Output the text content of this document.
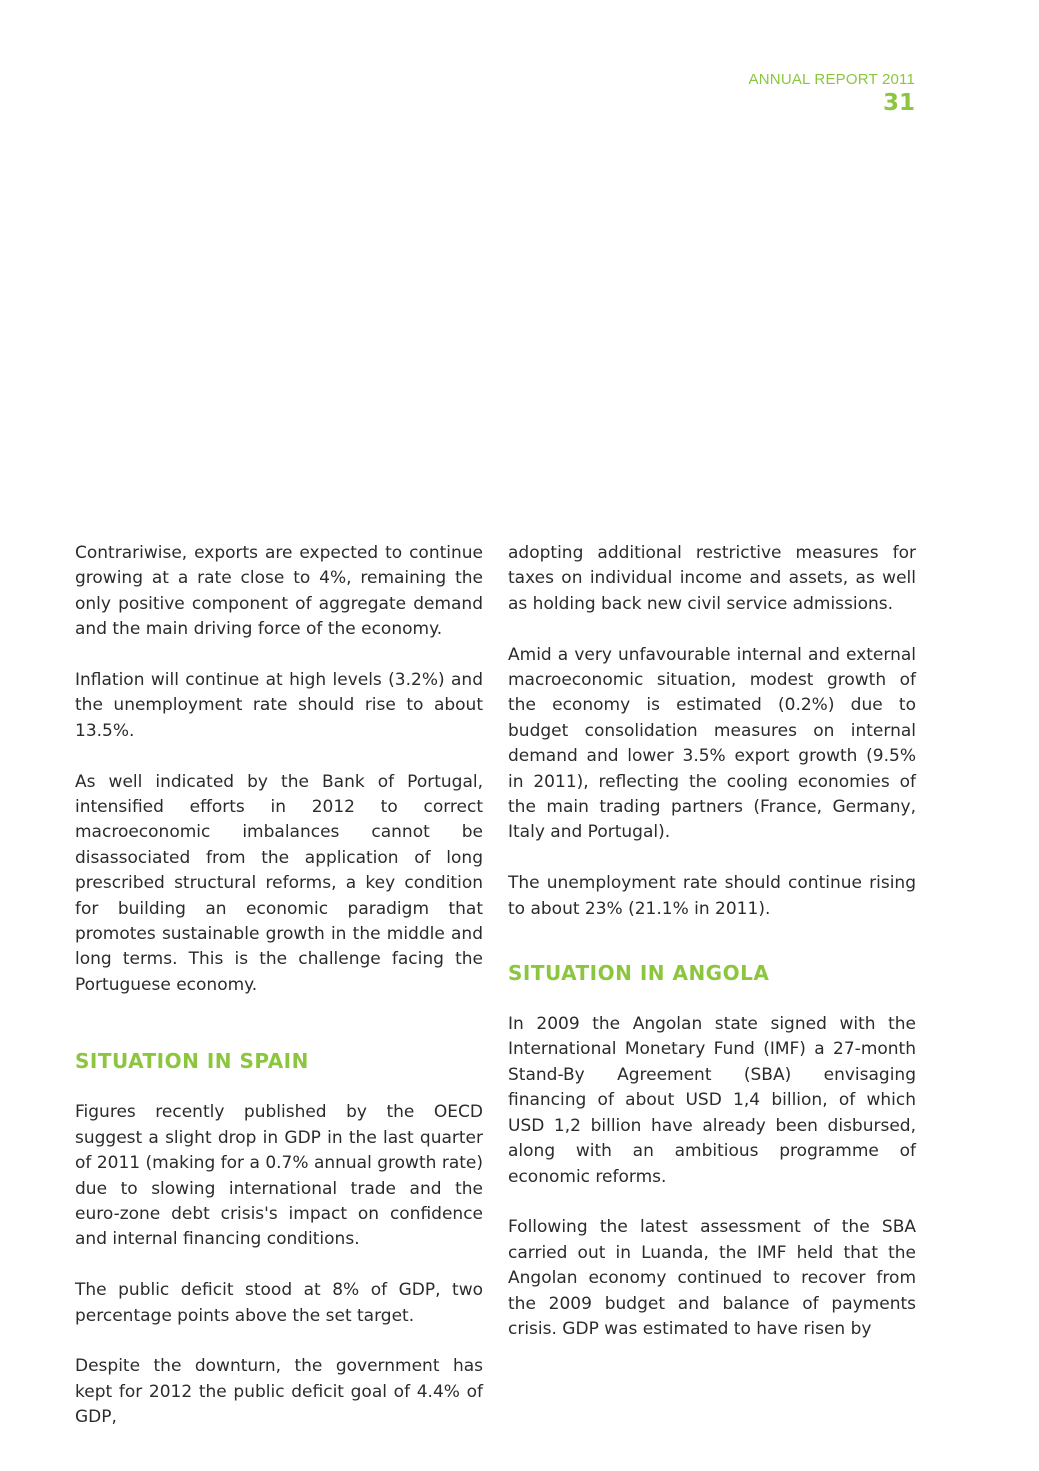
ANNUAL REPORT 2011
31

Contrariwise, exports are expected to continue growing at a rate close to 4%, remaining the only positive component of aggregate demand and the main driving force of the economy.

Inflation will continue at high levels (3.2%) and the unemployment rate should rise to about 13.5%.

As well indicated by the Bank of Portugal, intensified efforts in 2012 to correct macroeconomic imbalances cannot be disassociated from the application of long prescribed structural reforms, a key condition for building an economic paradigm that promotes sustainable growth in the middle and long terms. This is the challenge facing the Portuguese economy.

SITUATION IN SPAIN

Figures recently published by the OECD suggest a slight drop in GDP in the last quarter of 2011 (making for a 0.7% annual growth rate) due to slowing international trade and the euro-zone debt crisis's impact on confidence and internal financing conditions.

The public deficit stood at 8% of GDP, two percentage points above the set target.

Despite the downturn, the government has kept for 2012 the public deficit goal of 4.4% of GDP,

adopting additional restrictive measures for taxes on individual income and assets, as well as holding back new civil service admissions.

Amid a very unfavourable internal and external macroeconomic situation, modest growth of the economy is estimated (0.2%) due to budget consolidation measures on internal demand and lower 3.5% export growth (9.5% in 2011), reflecting the cooling economies of the main trading partners (France, Germany, Italy and Portugal).

The unemployment rate should continue rising to about 23% (21.1% in 2011).

SITUATION IN ANGOLA

In 2009 the Angolan state signed with the International Monetary Fund (IMF) a 27-month Stand-By Agreement (SBA) envisaging financing of about USD 1,4 billion, of which USD 1,2 billion have already been disbursed, along with an ambitious programme of economic reforms.

Following the latest assessment of the SBA carried out in Luanda, the IMF held that the Angolan economy continued to recover from the 2009 budget and balance of payments crisis. GDP was estimated to have risen by
